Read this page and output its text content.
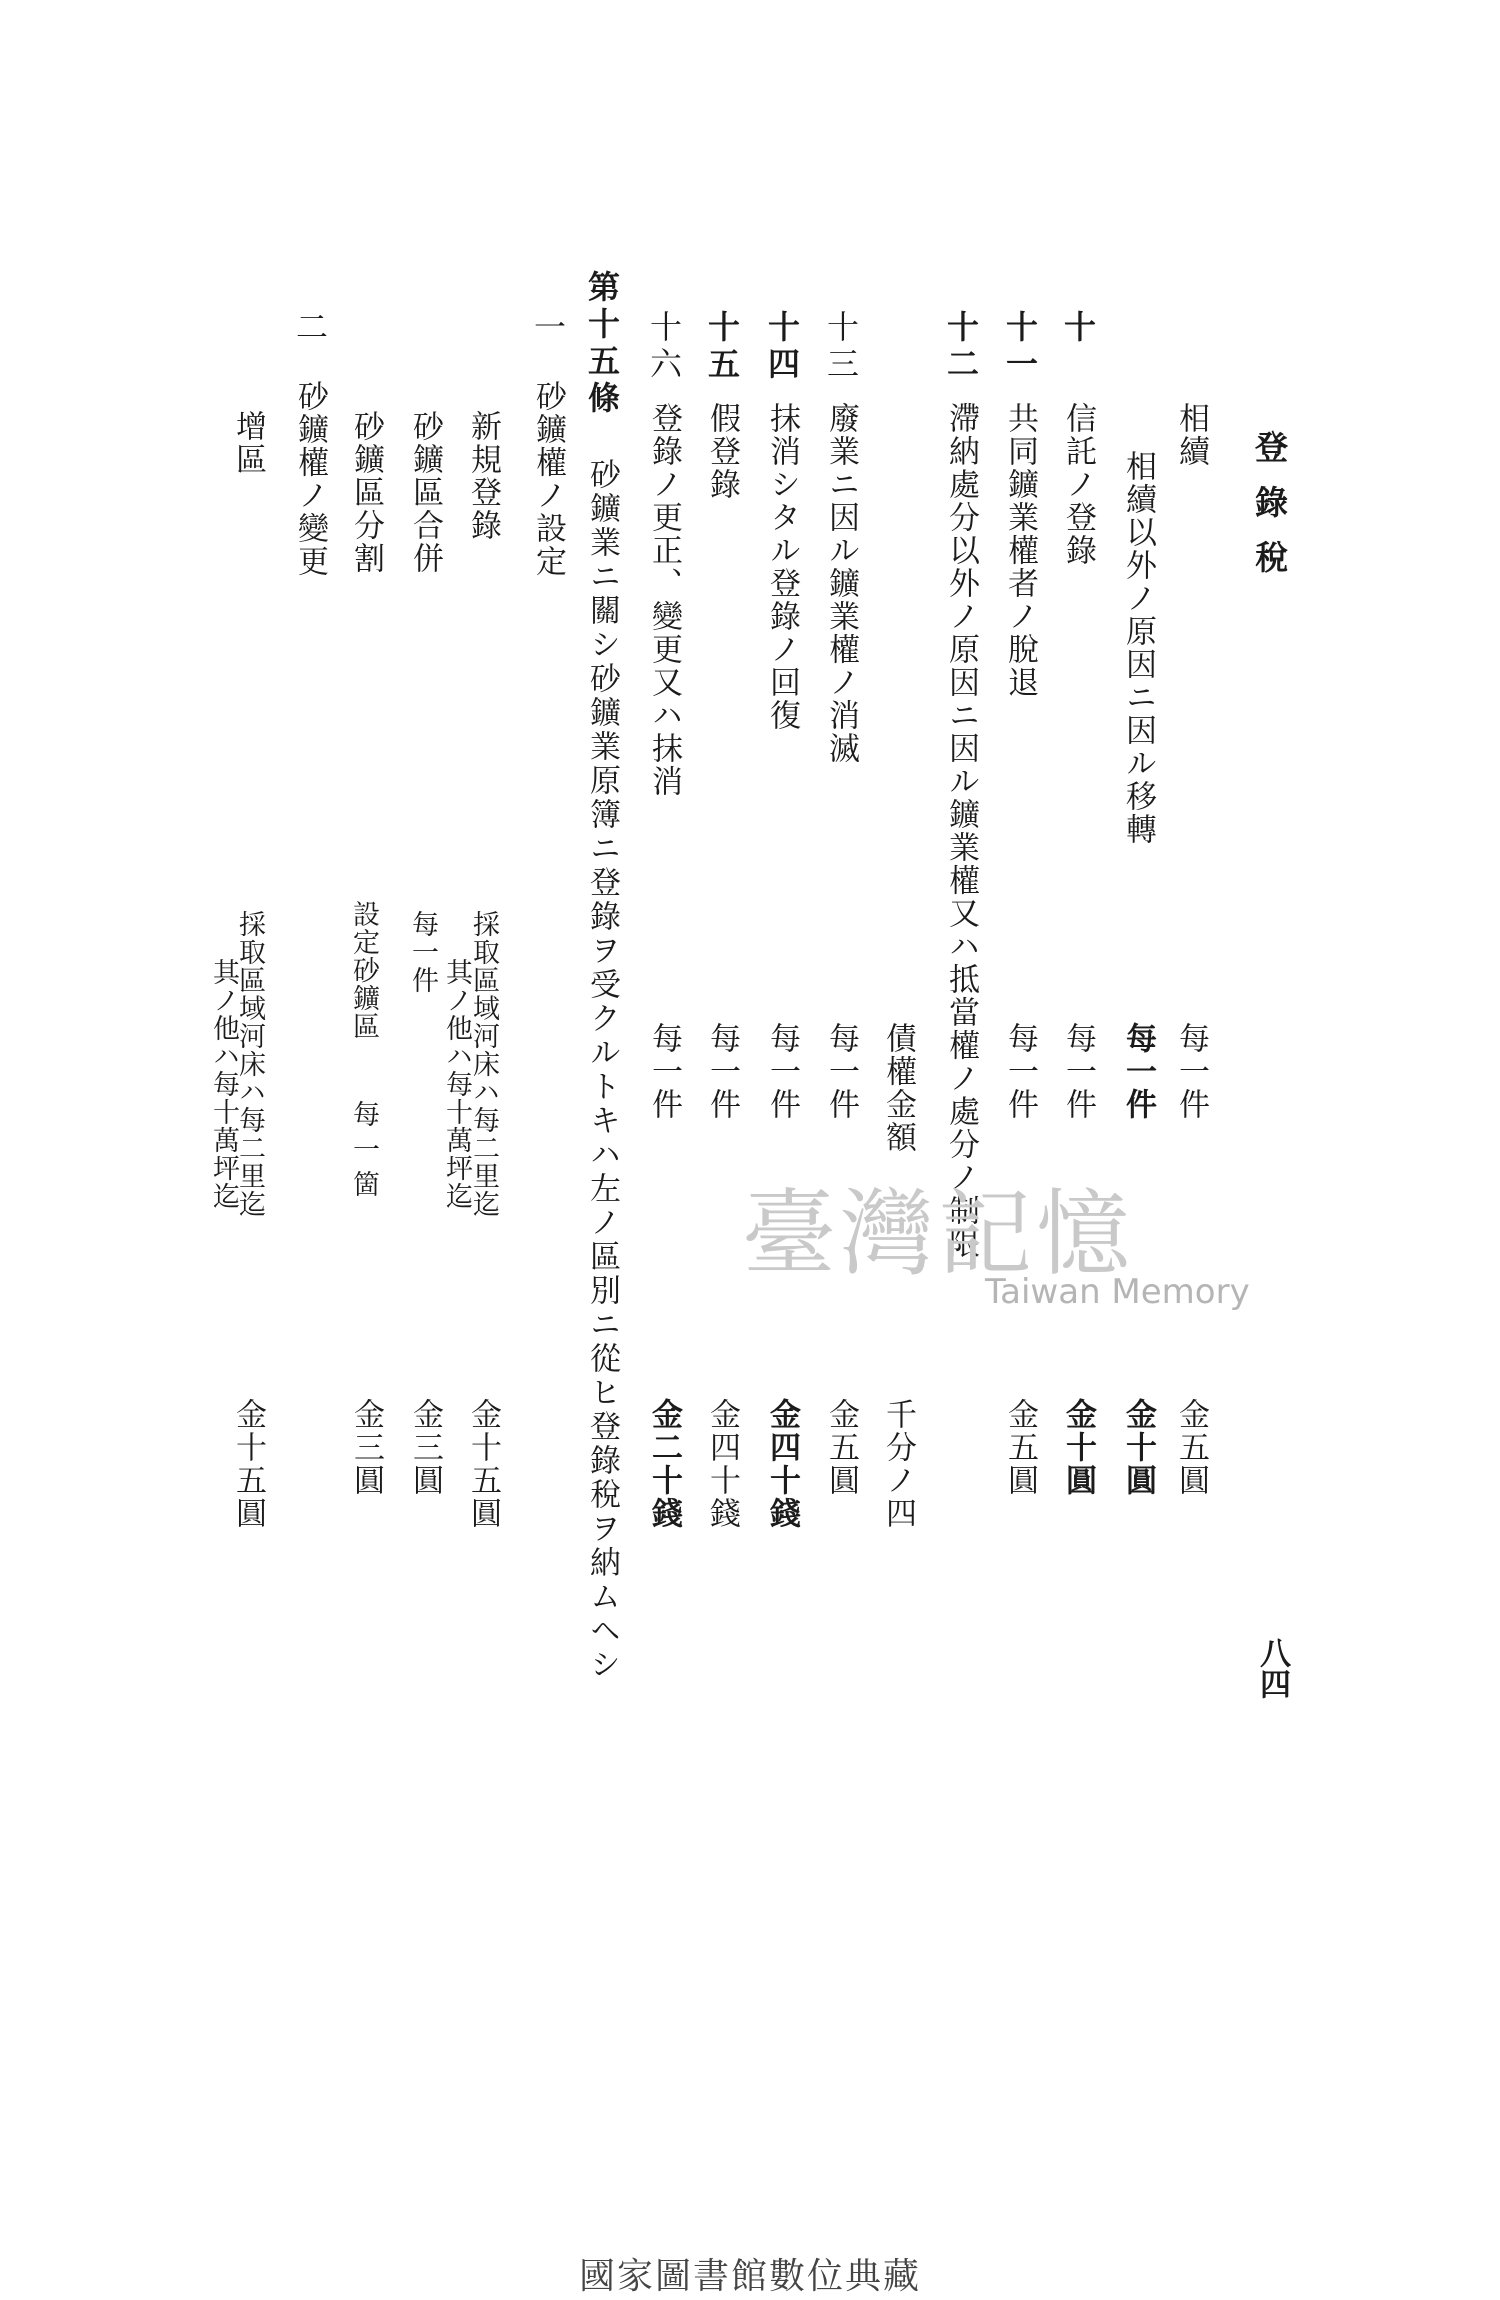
登錄稅
八四
相續
每一件
金五圓
相續以外ノ原因ニ因ル移轉
每一件
金十圓
十
信託ノ登錄
每一件
金十圓
十一
共同鑛業權者ノ脫退
每一件
金五圓
十二
滯納處分以外ノ原因ニ因ル鑛業權又ハ抵當權ノ處分ノ制限
債權金額
千分ノ四
十三
廢業ニ因ル鑛業權ノ消滅
每一件
金五圓
十四
抹消シタル登錄ノ回復
每一件
金四十錢
十五
假登錄
每一件
金四十錢
十六
登錄ノ更正、變更又ハ抹消
每一件
金二十錢
第十五條
砂鑛業ニ關シ砂鑛業原簿ニ登錄ヲ受クルトキハ左ノ區別ニ從ヒ登錄稅ヲ納ムヘシ
一
砂鑛權ノ設定
新規登錄
採取區域河床ハ每二里迄
其ノ他ハ每十萬坪迄
金十五圓
砂鑛區合併
每一件
金三圓
砂鑛區分割
設定砂鑛區
每一箇
金三圓
二
砂鑛權ノ變更
增區
採取區域河床ハ每二里迄
其ノ他ハ每十萬坪迄
金十五圓
臺灣記憶
Taiwan Memory
國家圖書館數位典藏
